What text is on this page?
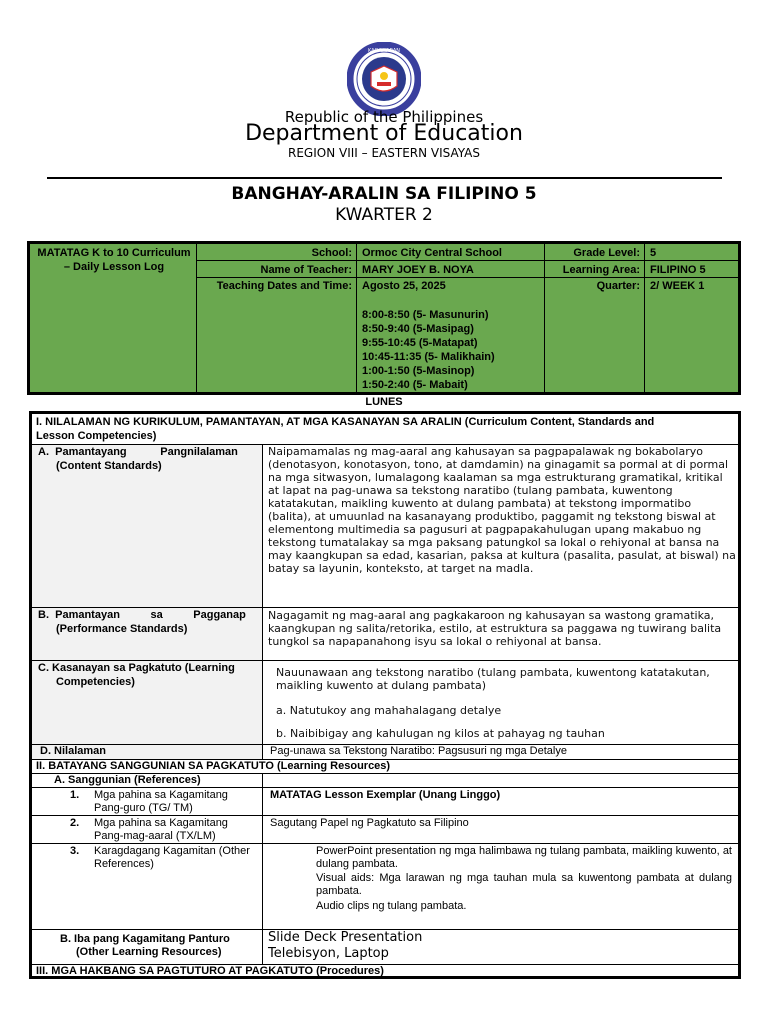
KAGAWARAN
Republic of the Philippines
Department of Education
REGION VIII – EASTERN VISAYAS
BANGHAY-ARALIN SA FILIPINO 5
KWARTER 2
MATATAG K to 10 Curriculum – Daily Lesson Log
School: Ormoc City Central School
Name of Teacher: MARY JOEY B. NOYA
Teaching Dates and Time: Agosto 25, 2025
8:00-8:50 (5- Masunurin)
8:50-9:40 (5-Masipag)
9:55-10:45 (5-Matapat)
10:45-11:35 (5- Malikhain)
1:00-1:50 (5-Masinop)
1:50-2:40 (5- Mabait)
Grade Level: 5
Learning Area: FILIPINO 5
Quarter: 2/ WEEK 1
LUNES
I. NILALAMAN NG KURIKULUM, PAMANTAYAN, AT MGA KASANAYAN SA ARALIN (Curriculum Content, Standards and
Lesson Competencies)
A.  Pamantayang           Pangnilalaman
(Content Standards)
Naipamamalas ng mag-aaral ang kahusayan sa pagpapalawak ng bokabolaryo (denotasyon, konotasyon, tono, at damdamin) na ginagamit sa pormal at di pormal na mga sitwasyon, lumalagong kaalaman sa mga estrukturang gramatikal, kritikal at lapat na pag-unawa sa tekstong naratibo (tulang pambata, kuwentong katatakutan, maikling kuwento at dulang pambata) at tekstong impormatibo (balita), at umuunlad na kasanayang produktibo, paggamit ng tekstong biswal at elementong multimedia sa pagusuri at pagpapakahulugan upang makabuo ng tekstong tumatalakay sa mga paksang patungkol sa lokal o rehiyonal at bansa na may kaangkupan sa edad, kasarian, paksa at kultura (pasalita, pasulat, at biswal) na batay sa layunin, konteksto, at target na madla.
B.  Pamantayan          sa          Pagganap
(Performance Standards)
Nagagamit ng mag-aaral ang pagkakaroon ng kahusayan sa wastong gramatika, kaangkupan ng salita/retorika, estilo, at estruktura sa paggawa ng tuwirang balita tungkol sa napapanahong isyu sa lokal o rehiyonal at bansa.
C. Kasanayan sa Pagkatuto (Learning
Competencies)
Nauunawaan ang tekstong naratibo (tulang pambata, kuwentong katatakutan, maikling kuwento at dulang pambata)
a. Natutukoy ang mahahalagang detalye
b. Naibibigay ang kahulugan ng kilos at pahayag ng tauhan
D. Nilalaman	Pag-unawa sa Tekstong Naratibo: Pagsusuri ng mga Detalye
II. BATAYANG SANGGUNIAN SA PAGKATUTO (Learning Resources)
A. Sanggunian (References)
1. Mga pahina sa Kagamitang Pang-guro (TG/ TM)
MATATAG Lesson Exemplar (Unang Linggo)
2. Mga pahina sa Kagamitang Pang-mag-aaral (TX/LM)
Sagutang Papel ng Pagkatuto sa Filipino
3. Karagdagang Kagamitan (Other References)
PowerPoint presentation ng mga halimbawa ng tulang pambata, maikling kuwento, at dulang pambata.
Visual aids: Mga larawan ng mga tauhan mula sa kuwentong pambata at dulang pambata.
Audio clips ng tulang pambata.
B. Iba pang Kagamitang Panturo
(Other Learning Resources)
Slide Deck Presentation
Telebisyon, Laptop
III. MGA HAKBANG SA PAGTUTURO AT PAGKATUTO (Procedures)
